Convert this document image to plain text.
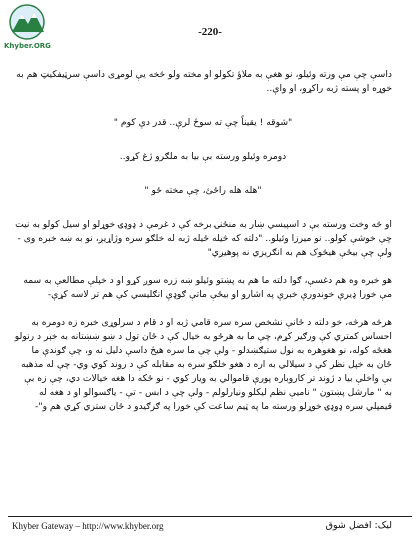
Khyber.ORG
-220-

داسې چې مې ورته وئيلو، نو هغې به ملاؤ تکولو او مخته ولو څخه يې لومړی داسې سرټيفکيټ هم به خوړه او پسته ژبه راکړو، او واې..

"شوقه ! يقيناً چې ته سوځ لرې.. قدر دې کوم "

دومره وئيلو ورسته بې بيا به ملګرو ژغ کړو..

"هله هله راځئ، چې مخته ځو "

او څه وخت ورسته بې د اسپيسي ښار به منځنۍ برخه کې د غرمې د ډوډۍ خوړلو او سيل کولو به نيت چې خوشې کولو.. نو ميرزا وئيلو.. "دلته که څيله ځيله ژبه له خلګو سره وژاړيږ، نو به ښه خبره وی - ولې چې بيځې هيڅوک هم به انګريزي نه پوهيږي"

هو خبره وه هم دغسې، ګوا دلته ما هم به پښتو وئيلو ښه زره سوږ کړو او د خپلې مطالعې به سمه مې خورا ډيرې خوندورې خبرې په اشارو او بيځې ماتې ګوډې انګليسي کې هم تر لاسه کړې-

هرڅه هرڅه، خو دلته د ځانې نشخص سره سره قامي ژبه او د قام د سرلوړی خبره زه دومره به احساس کمتري کې ورګير کړم، چې ما به هرځو به خيال کې د ځان تول د ښو ښښتانه به خېر د رنولو هغځه کوله، نو هغوهره به نول ستيګښدلو - ولې چې ما سره هيڅ داسې دليل نه و، چې ګوندې ما ځان به خپل نظر کې د سيلالي به اره د هغو خلګو سره به مقابله کې د روند کوي وي- چې له مذهبه بې واخلې بيا د ژوند تر کاروباره پورې قاموالي به ويار کوي - نو ځکه دا هغه خيالات دي، چې زه بې به " مارشل پښتون " ناميې نظم ليکلو ونيارلولم - ولې چې د ابس - تې - ياګسوالو او د هغه له قيمپلي سره ډوډۍ خوړلو ورسته ما په ټيم ساعت کې خورا په ګرګيدو د ځان ستري کړي هم و"-

Khyber Gateway – http://www.khyber.org	ليک: افضل شوق
